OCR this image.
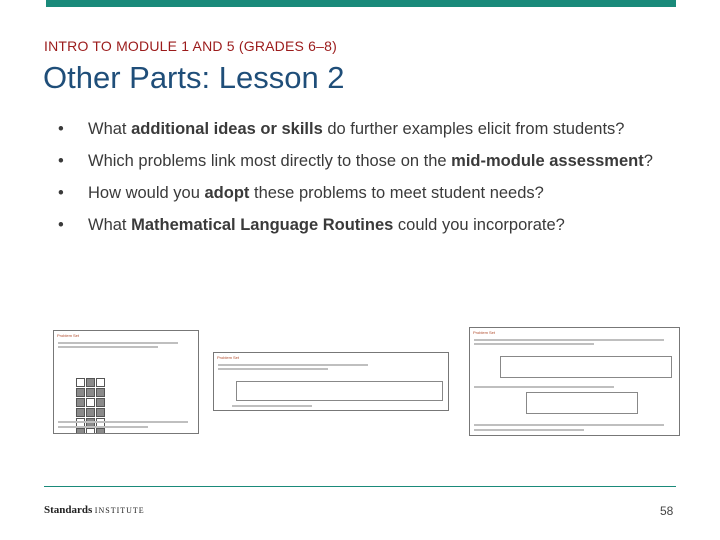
INTRO TO MODULE 1 AND 5 (GRADES 6–8)
Other Parts: Lesson 2
• What additional ideas or skills do further examples elicit from students?
• Which problems link most directly to those on the mid-module assessment?
• How would you adopt these problems to meet student needs?
• What Mathematical Language Routines could you incorporate?
Problem Set
Problem Set
Problem Set
Standards INSTITUTE	58
